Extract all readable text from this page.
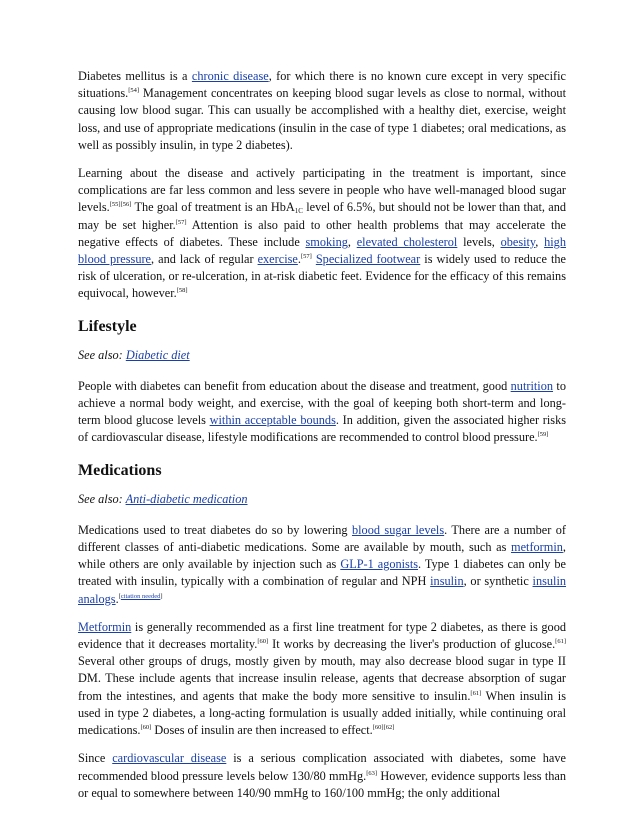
Diabetes mellitus is a chronic disease, for which there is no known cure except in very specific situations.[54] Management concentrates on keeping blood sugar levels as close to normal, without causing low blood sugar. This can usually be accomplished with a healthy diet, exercise, weight loss, and use of appropriate medications (insulin in the case of type 1 diabetes; oral medications, as well as possibly insulin, in type 2 diabetes).

Learning about the disease and actively participating in the treatment is important, since complications are far less common and less severe in people who have well-managed blood sugar levels.[55][56] The goal of treatment is an HbA$_{1C}$ level of 6.5%, but should not be lower than that, and may be set higher.[57] Attention is also paid to other health problems that may accelerate the negative effects of diabetes. These include smoking, elevated cholesterol levels, obesity, high blood pressure, and lack of regular exercise.[57] Specialized footwear is widely used to reduce the risk of ulceration, or re-ulceration, in at-risk diabetic feet. Evidence for the efficacy of this remains equivocal, however.[58]

Lifestyle

See also: Diabetic diet

People with diabetes can benefit from education about the disease and treatment, good nutrition to achieve a normal body weight, and exercise, with the goal of keeping both short-term and long-term blood glucose levels within acceptable bounds. In addition, given the associated higher risks of cardiovascular disease, lifestyle modifications are recommended to control blood pressure.[59]

Medications

See also: Anti-diabetic medication

Medications used to treat diabetes do so by lowering blood sugar levels. There are a number of different classes of anti-diabetic medications. Some are available by mouth, such as metformin, while others are only available by injection such as GLP-1 agonists. Type 1 diabetes can only be treated with insulin, typically with a combination of regular and NPH insulin, or synthetic insulin analogs.[citation needed]

Metformin is generally recommended as a first line treatment for type 2 diabetes, as there is good evidence that it decreases mortality.[60] It works by decreasing the liver's production of glucose.[61] Several other groups of drugs, mostly given by mouth, may also decrease blood sugar in type II DM. These include agents that increase insulin release, agents that decrease absorption of sugar from the intestines, and agents that make the body more sensitive to insulin.[61] When insulin is used in type 2 diabetes, a long-acting formulation is usually added initially, while continuing oral medications.[60] Doses of insulin are then increased to effect.[60][62]

Since cardiovascular disease is a serious complication associated with diabetes, some have recommended blood pressure levels below 130/80 mmHg.[63] However, evidence supports less than or equal to somewhere between 140/90 mmHg to 160/100 mmHg; the only additional
